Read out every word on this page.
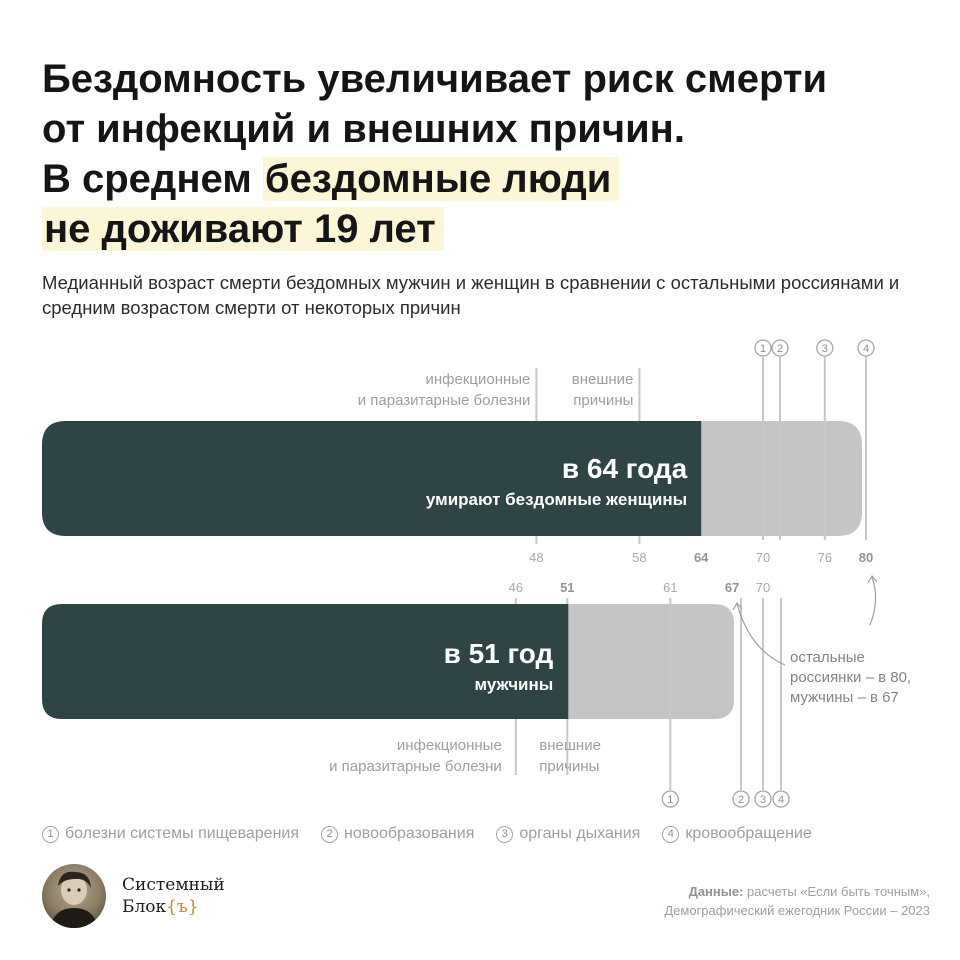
Бездомность увеличивает риск смерти
от инфекций и внешних причин.
В среднем бездомные люди
не доживают 19 лет

Медианный возраст смерти бездомных мужчин и женщин в сравнении с остальными россиянами и средним возрастом смерти от некоторых причин

в 64 года
умирают бездомные женщины
инфекционные
и паразитарные болезни
48
внешние
причины
58	64
1
70
2	3
76
4
80
в 51 год
мужчины
46
инфекционные
и паразитарные болезни
51
внешние
причины
61
1
67
2
70
3 4
остальные
россиянки – в 80,
мужчины – в 67
1 болезни системы пищеварения	2 новообразования	3 органы дыхания	4 кровообращение
Системный
Блок{ъ}
Данные: расчеты «Если быть точным»,
Демографический ежегодник России – 2023
